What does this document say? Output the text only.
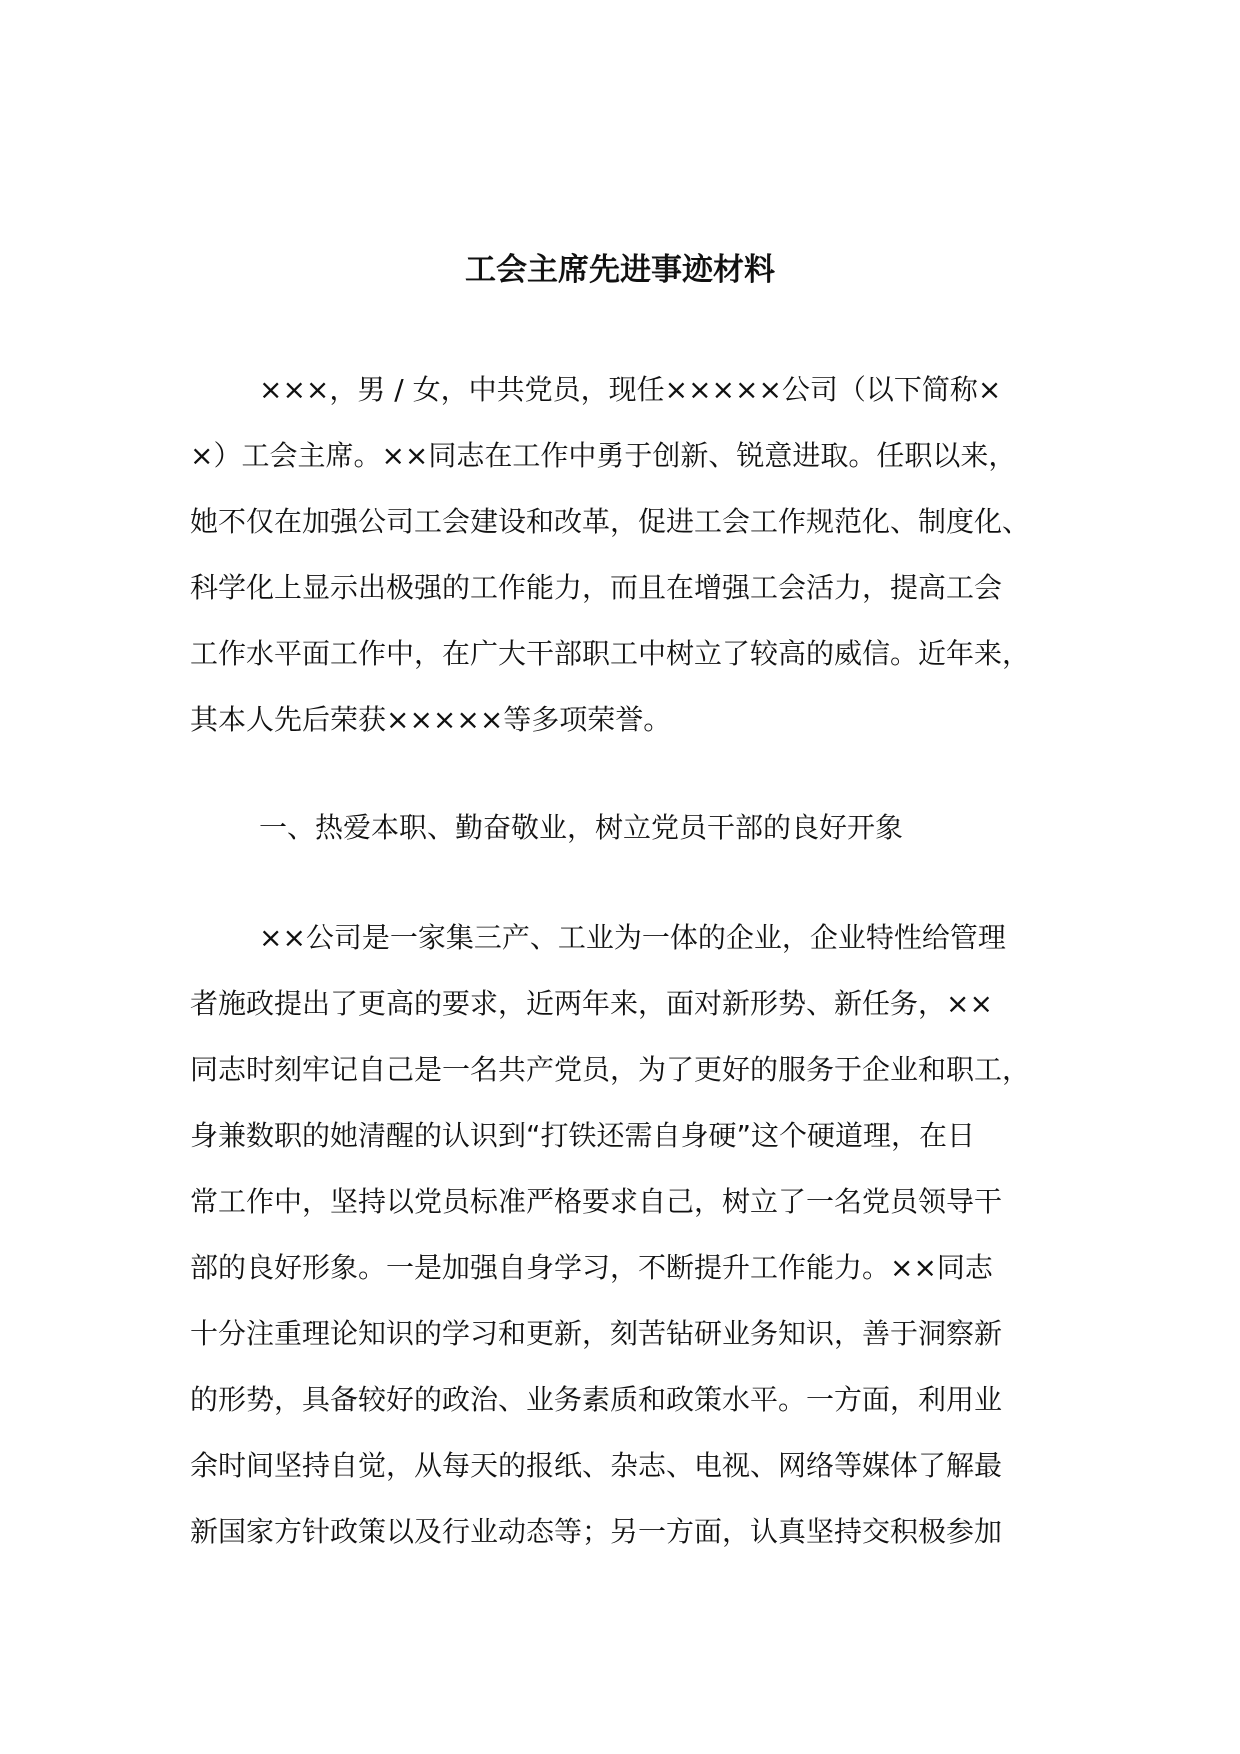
工会主席先进事迹材料
×××，男 / 女，中共党员，现任×××××公司（以下简称×
×）工会主席。××同志在工作中勇于创新、锐意进取。任职以来，
她不仅在加强公司工会建设和改革，促进工会工作规范化、制度化、
科学化上显示出极强的工作能力，而且在增强工会活力，提高工会
工作水平面工作中，在广大干部职工中树立了较高的威信。近年来，
其本人先后荣获×××××等多项荣誉。
一、热爱本职、勤奋敬业，树立党员干部的良好开象
××公司是一家集三产、工业为一体的企业，企业特性给管理
者施政提出了更高的要求，近两年来，面对新形势、新任务，××
同志时刻牢记自己是一名共产党员，为了更好的服务于企业和职工，
身兼数职的她清醒的认识到“打铁还需自身硬”这个硬道理，在日
常工作中，坚持以党员标准严格要求自己，树立了一名党员领导干
部的良好形象。一是加强自身学习，不断提升工作能力。××同志
十分注重理论知识的学习和更新，刻苦钻研业务知识，善于洞察新
的形势，具备较好的政治、业务素质和政策水平。一方面，利用业
余时间坚持自觉，从每天的报纸、杂志、电视、网络等媒体了解最
新国家方针政策以及行业动态等；另一方面，认真坚持交积极参加
